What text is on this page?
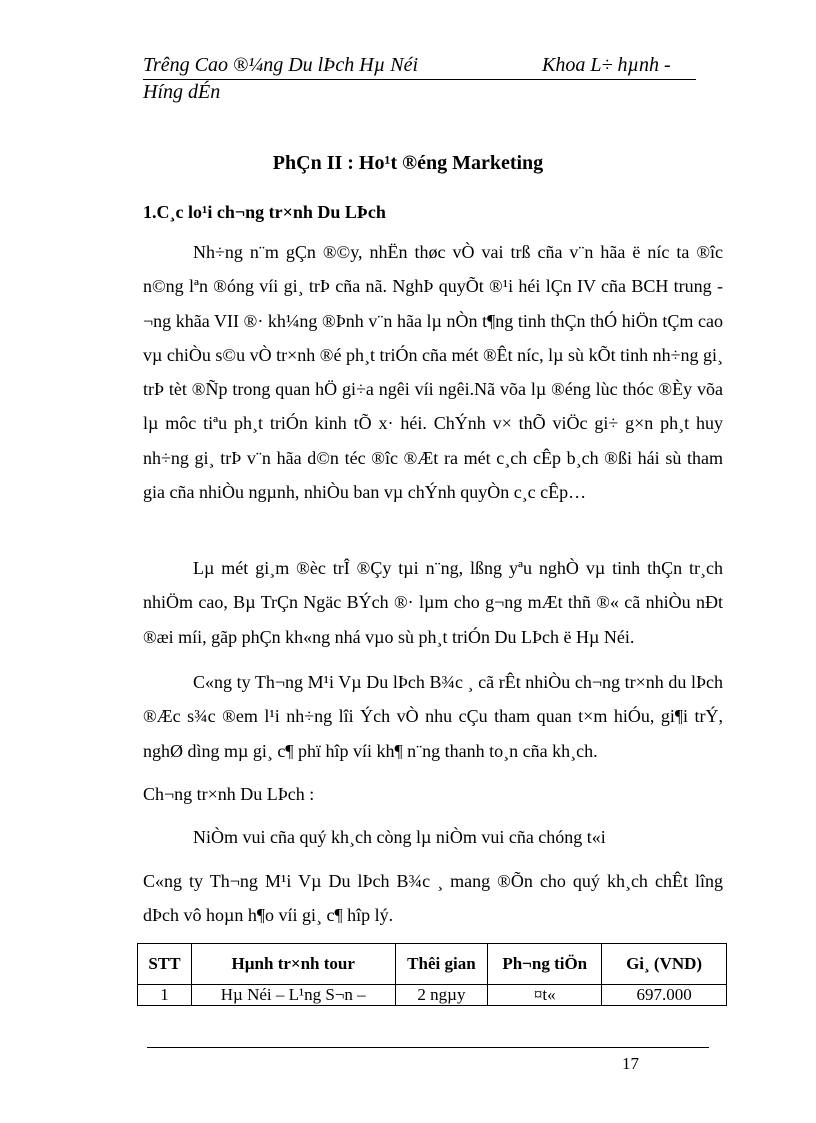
Trêng Cao ®¼ng Du lÞch Hµ Néi	Khoa L÷ hµnh -
Híng dÉn
PhÇn II : Ho¹t ®éng Marketing
1.C¸c lo¹i ch¬ng tr×nh Du LÞch
Nh÷ng n¨m gÇn ®©y, nhËn thøc vÒ vai trß cña v¨n hãa ë níc ta ®îc n©ng lªn ®óng víi gi¸ trÞ cña nã. NghÞ quyÕt ®¹i héi lÇn IV cña BCH trung ¬ng khãa VII ®· kh¼ng ®Þnh v¨n hãa lµ nÒn t¶ng tinh thÇn thÓ hiÖn tÇm cao vµ chiÒu s©u vÒ tr×nh ®é ph¸t triÓn cña mét ®Êt níc, lµ sù kÕt tinh nh÷ng gi¸ trÞ tèt ®Ñp trong quan hÖ gi÷a ngêi víi ngêi.Nã võa lµ ®éng lùc thóc ®Èy võa lµ môc tiªu ph¸t triÓn kinh tÕ x· héi. ChÝnh v× thÕ viÖc gi÷ g×n ph¸t huy nh÷ng gi¸ trÞ v¨n hãa d©n téc ®îc ®Æt ra mét c¸ch cÊp b¸ch ®ßi hái sù tham gia cña nhiÒu ngµnh, nhiÒu ban vµ chÝnh quyÒn c¸c cÊp…
Lµ mét gi¸m ®èc trÎ ®Çy tµi n¨ng, lßng yªu nghÒ vµ tinh thÇn tr¸ch nhiÖm cao, Bµ TrÇn Ngäc BÝch ®· lµm cho g¬ng mÆt thñ ®« cã nhiÒu nÐt ®æi míi, gãp phÇn kh«ng nhá vµo sù ph¸t triÓn Du LÞch ë Hµ Néi.
C«ng ty Th¬ng M¹i Vµ Du lÞch B¾c ¸ cã rÊt nhiÒu ch¬ng tr×nh du lÞch ®Æc s¾c ®em l¹i nh÷ng lîi Ých vÒ nhu cÇu tham quan t×m hiÓu, gi¶i trÝ, nghØ dìng mµ gi¸ c¶ phï hîp víi kh¶ n¨ng thanh to¸n cña kh¸ch.
Ch¬ng tr×nh Du LÞch :
NiÒm vui cña quý kh¸ch còng lµ niÒm vui cña chóng t«i
C«ng ty Th¬ng M¹i Vµ Du lÞch B¾c ¸ mang ®Õn cho quý kh¸ch chÊt lîng dÞch vô hoµn h¶o víi gi¸ c¶ hîp lý.
STT	Hµnh tr×nh tour	Thêi gian	Ph¬ng tiÖn	Gi¸ (VND)
1	Hµ Néi – L¹ng S¬n –	2 ngµy	¤t«	697.000
17
